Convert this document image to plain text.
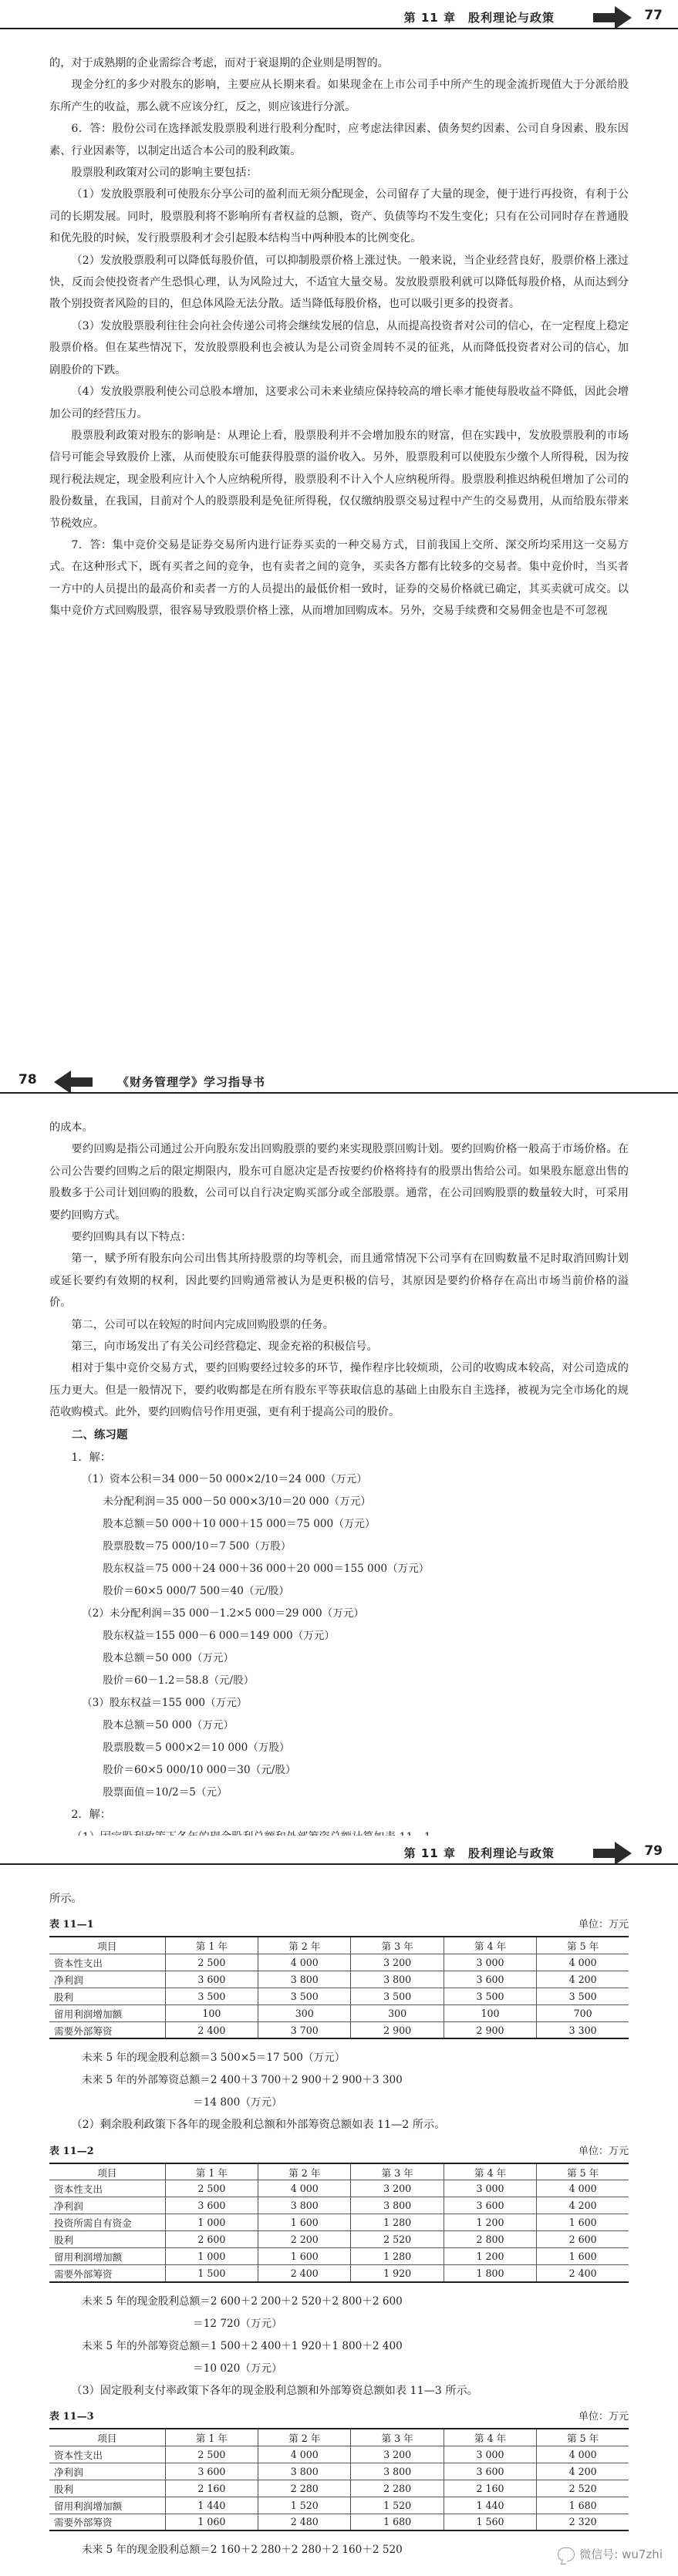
第 11 章　 股利理论与政策	77

的，对于成熟期的企业需综合考虑，而对于衰退期的企业则是明智的。

现金分红的多少对股东的影响，主要应从长期来看。如果现金在上市公司手中所产生的现金流折现值大于分派给股东所产生的收益，那么就不应该分红，反之，则应该进行分派。

6．答：股份公司在选择派发股票股利进行股利分配时，应考虑法律因素、债务契约因素、公司自身因素、股东因素、行业因素等，以制定出适合本公司的股利政策。

股票股利政策对公司的影响主要包括：

（1）发放股票股利可使股东分享公司的盈利而无须分配现金，公司留存了大量的现金，便于进行再投资，有利于公司的长期发展。同时，股票股利将不影响所有者权益的总额，资产、负债等均不发生变化；只有在公司同时存在普通股和优先股的时候，发行股票股利才会引起股本结构当中两种股本的比例变化。

（2）发放股票股利可以降低每股价值，可以抑制股票价格上涨过快。一般来说，当企业经营良好，股票价格上涨过快，反而会使投资者产生恐惧心理，认为风险过大，不适宜大量交易。发放股票股利就可以降低每股价格，从而达到分散个别投资者风险的目的，但总体风险无法分散。适当降低每股价格，也可以吸引更多的投资者。

（3）发放股票股利往往会向社会传递公司将会继续发展的信息，从而提高投资者对公司的信心，在一定程度上稳定股票价格。但在某些情况下，发放股票股利也会被认为是公司资金周转不灵的征兆，从而降低投资者对公司的信心，加剧股价的下跌。

（4）发放股票股利使公司总股本增加，这要求公司未来业绩应保持较高的增长率才能使每股收益不降低，因此会增加公司的经营压力。

股票股利政策对股东的影响是：从理论上看，股票股利并不会增加股东的财富，但在实践中，发放股票股利的市场信号可能会导致股价上涨，从而使股东可能获得股票的溢价收入。另外，股票股利可以使股东少缴个人所得税，因为按现行税法规定，现金股利应计入个人应纳税所得，股票股利不计入个人应纳税所得。股票股利推迟纳税但增加了公司的股份数量，在我国，目前对个人的股票股利是免征所得税，仅仅缴纳股票交易过程中产生的交易费用，从而给股东带来节税效应。

7．答：集中竞价交易是证券交易所内进行证券买卖的一种交易方式，目前我国上交所、深交所均采用这一交易方式。在这种形式下，既有买者之间的竞争，也有卖者之间的竞争，买卖各方都有比较多的交易者。集中竞价时，当买者一方中的人员提出的最高价和卖者一方的人员提出的最低价相一致时，证券的交易价格就已确定，其买卖就可成交。以集中竞价方式回购股票，很容易导致股票价格上涨，从而增加回购成本。另外，交易手续费和交易佣金也是不可忽视

78	《财务管理学》学习指导书

的成本。

要约回购是指公司通过公开向股东发出回购股票的要约来实现股票回购计划。要约回购价格一般高于市场价格。在公司公告要约回购之后的限定期限内，股东可自愿决定是否按要约价格将持有的股票出售给公司。如果股东愿意出售的股数多于公司计划回购的股数，公司可以自行决定购买部分或全部股票。通常，在公司回购股票的数量较大时，可采用要约回购方式。

要约回购具有以下特点：

第一，赋予所有股东向公司出售其所持股票的均等机会，而且通常情况下公司享有在回购数量不足时取消回购计划或延长要约有效期的权利，因此要约回购通常被认为是更积极的信号，其原因是要约价格存在高出市场当前价格的溢价。

第二，公司可以在较短的时间内完成回购股票的任务。

第三，向市场发出了有关公司经营稳定、现金充裕的积极信号。

相对于集中竞价交易方式，要约回购要经过较多的环节，操作程序比较烦琐，公司的收购成本较高，对公司造成的压力更大。但是一般情况下，要约收购都是在所有股东平等获取信息的基础上由股东自主选择，被视为完全市场化的规范收购模式。此外，要约回购信号作用更强，更有利于提高公司的股价。

二、练习题

1．解：

（1）资本公积＝34 000－50 000×2/10＝24 000（万元）
未分配利润＝35 000－50 000×3/10＝20 000（万元）
股本总额＝50 000＋10 000＋15 000＝75 000（万元）
股票股数＝75 000/10＝7 500（万股）
股东权益＝75 000＋24 000＋36 000＋20 000＝155 000（万元）
股价＝60×5 000/7 500＝40（元/股）
（2）未分配利润＝35 000－1.2×5 000＝29 000（万元）
股东权益＝155 000－6 000＝149 000（万元）
股本总额＝50 000（万元）
股价＝60－1.2＝58.8（元/股）
（3）股东权益＝155 000（万元）
股本总额＝50 000（万元）
股票股数＝5 000×2＝10 000（万股）
股价＝60×5 000/10 000＝30（元/股）
股票面值＝10/2＝5（元）

2．解：

第 11 章　 股利理论与政策	79

所示。

表 11—1	单位：万元
项目	第 1 年	第 2 年	第 3 年	第 4 年	第 5 年
资本性支出	2 500	4 000	3 200	3 000	4 000
净利润	3 600	3 800	3 800	3 600	4 200
股利	3 500	3 500	3 500	3 500	3 500
留用利润增加额	100	300	300	100	700
需要外部筹资	2 400	3 700	2 900	2 900	3 300
未来 5 年的现金股利总额＝3 500×5＝17 500（万元）
未来 5 年的外部筹资总额＝2 400＋3 700＋2 900＋2 900＋3 300
＝14 800（万元）

（2）剩余股利政策下各年的现金股利总额和外部筹资总额如表 11—2 所示。

表 11—2	单位：万元
项目	第 1 年	第 2 年	第 3 年	第 4 年	第 5 年
资本性支出	2 500	4 000	3 200	3 000	4 000
净利润	3 600	3 800	3 800	3 600	4 200
投资所需自有资金	1 000	1 600	1 280	1 200	1 600
股利	2 600	2 200	2 520	2 800	2 600
留用利润增加额	1 000	1 600	1 280	1 200	1 600
需要外部筹资	1 500	2 400	1 920	1 800	2 400
未来 5 年的现金股利总额＝2 600＋2 200＋2 520＋2 800＋2 600
＝12 720（万元）
未来 5 年的外部筹资总额＝1 500＋2 400＋1 920＋1 800＋2 400
＝10 020（万元）

（3）固定股利支付率政策下各年的现金股利总额和外部筹资总额如表 11—3 所示。

表 11—3	单位：万元
项目	第 1 年	第 2 年	第 3 年	第 4 年	第 5 年
资本性支出	2 500	4 000	3 200	3 000	4 000
净利润	3 600	3 800	3 800	3 600	4 200
股利	2 160	2 280	2 280	2 160	2 520
留用利润增加额	1 440	1 520	1 520	1 440	1 680
需要外部筹资	1 060	2 480	1 680	1 560	2 320
未来 5 年的现金股利总额＝2 160＋2 280＋2 280＋2 160＋2 520	微信号: wu7zhi
